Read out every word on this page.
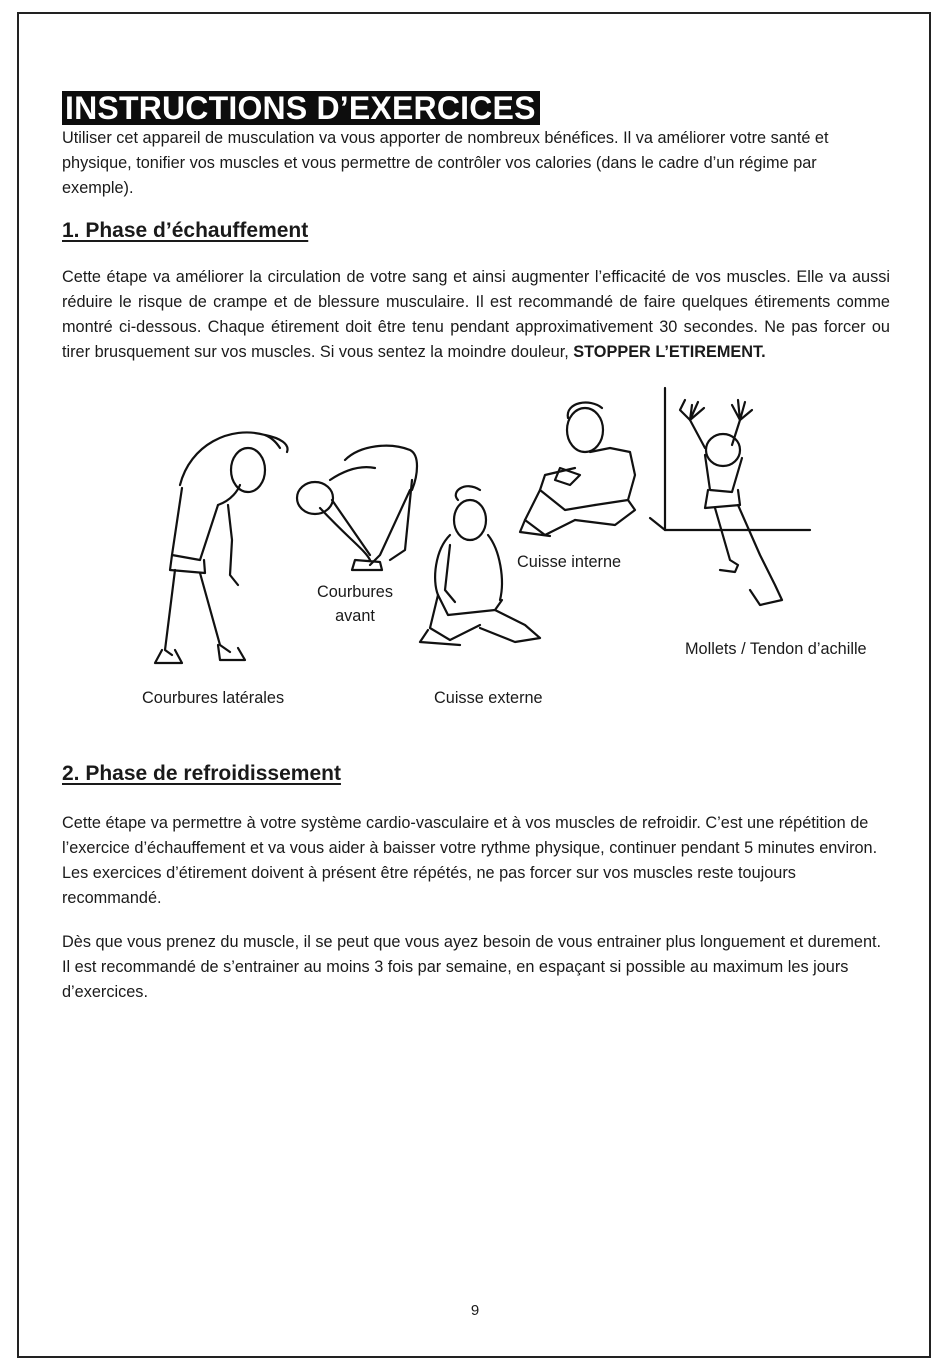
INSTRUCTIONS D’EXERCICES

Utiliser cet appareil de musculation va vous apporter de nombreux bénéfices. Il va améliorer votre santé et physique, tonifier vos muscles et vous permettre de contrôler vos calories (dans le cadre d’un régime par exemple).

1. Phase d’échauffement

Cette étape va améliorer la circulation de votre sang et ainsi augmenter l’efficacité de vos muscles. Elle va aussi réduire le risque de crampe et de blessure musculaire. Il est recommandé de faire quelques étirements comme montré ci-dessous. Chaque étirement doit être tenu pendant approximativement 30 secondes. Ne pas forcer ou tirer brusquement sur vos muscles. Si vous sentez la moindre douleur, STOPPER L’ETIREMENT.

Courbures latérales
Courbures
avant
Cuisse externe
Cuisse interne
Mollets / Tendon d’achille
2. Phase de refroidissement

Cette étape va permettre à votre système cardio-vasculaire et à vos muscles de refroidir. C’est une répétition de l’exercice d’échauffement et va vous aider à baisser votre rythme physique, continuer pendant 5 minutes environ. Les exercices d’étirement doivent à présent être répétés, ne pas forcer sur vos muscles reste toujours recommandé.

Dès que vous prenez du muscle, il se peut que vous ayez besoin de vous entrainer plus longuement et durement. Il est recommandé de s’entrainer au moins 3 fois par semaine, en espaçant si possible au maximum les jours d’exercices.

9
